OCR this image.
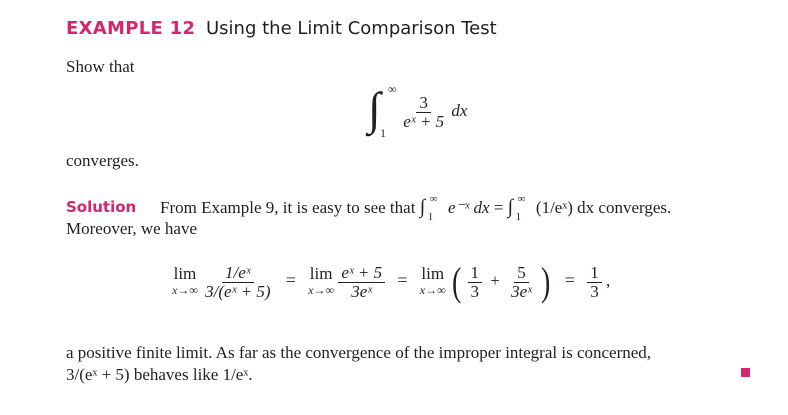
EXAMPLE 12 Using the Limit Comparison Test
Show that
∫ ∞
1

$\frac{3}{\text{eˣ + 5}}$ dx
converges.
Solution From Example 9, it is easy to see that ∫ ∞
1 e⁻ˣ dx = ∫ ∞
1 (1/eˣ) dx converges.
Moreover, we have
lim
x→∞
$\frac{\text{1/eˣ}}{\text{3/(eˣ + 5)}} = \lim$
x→∞
$\frac{\text{eˣ + 5}}{\text{3eˣ}} = \lim$
x→∞ ( $\frac{1}{3} + \frac{5}{\text{3eˣ}}$ ) = $\frac{1}{3}$ ,
a positive finite limit. As far as the convergence of the improper integral is concerned,
3/(eˣ + 5) behaves like 1/eˣ.
